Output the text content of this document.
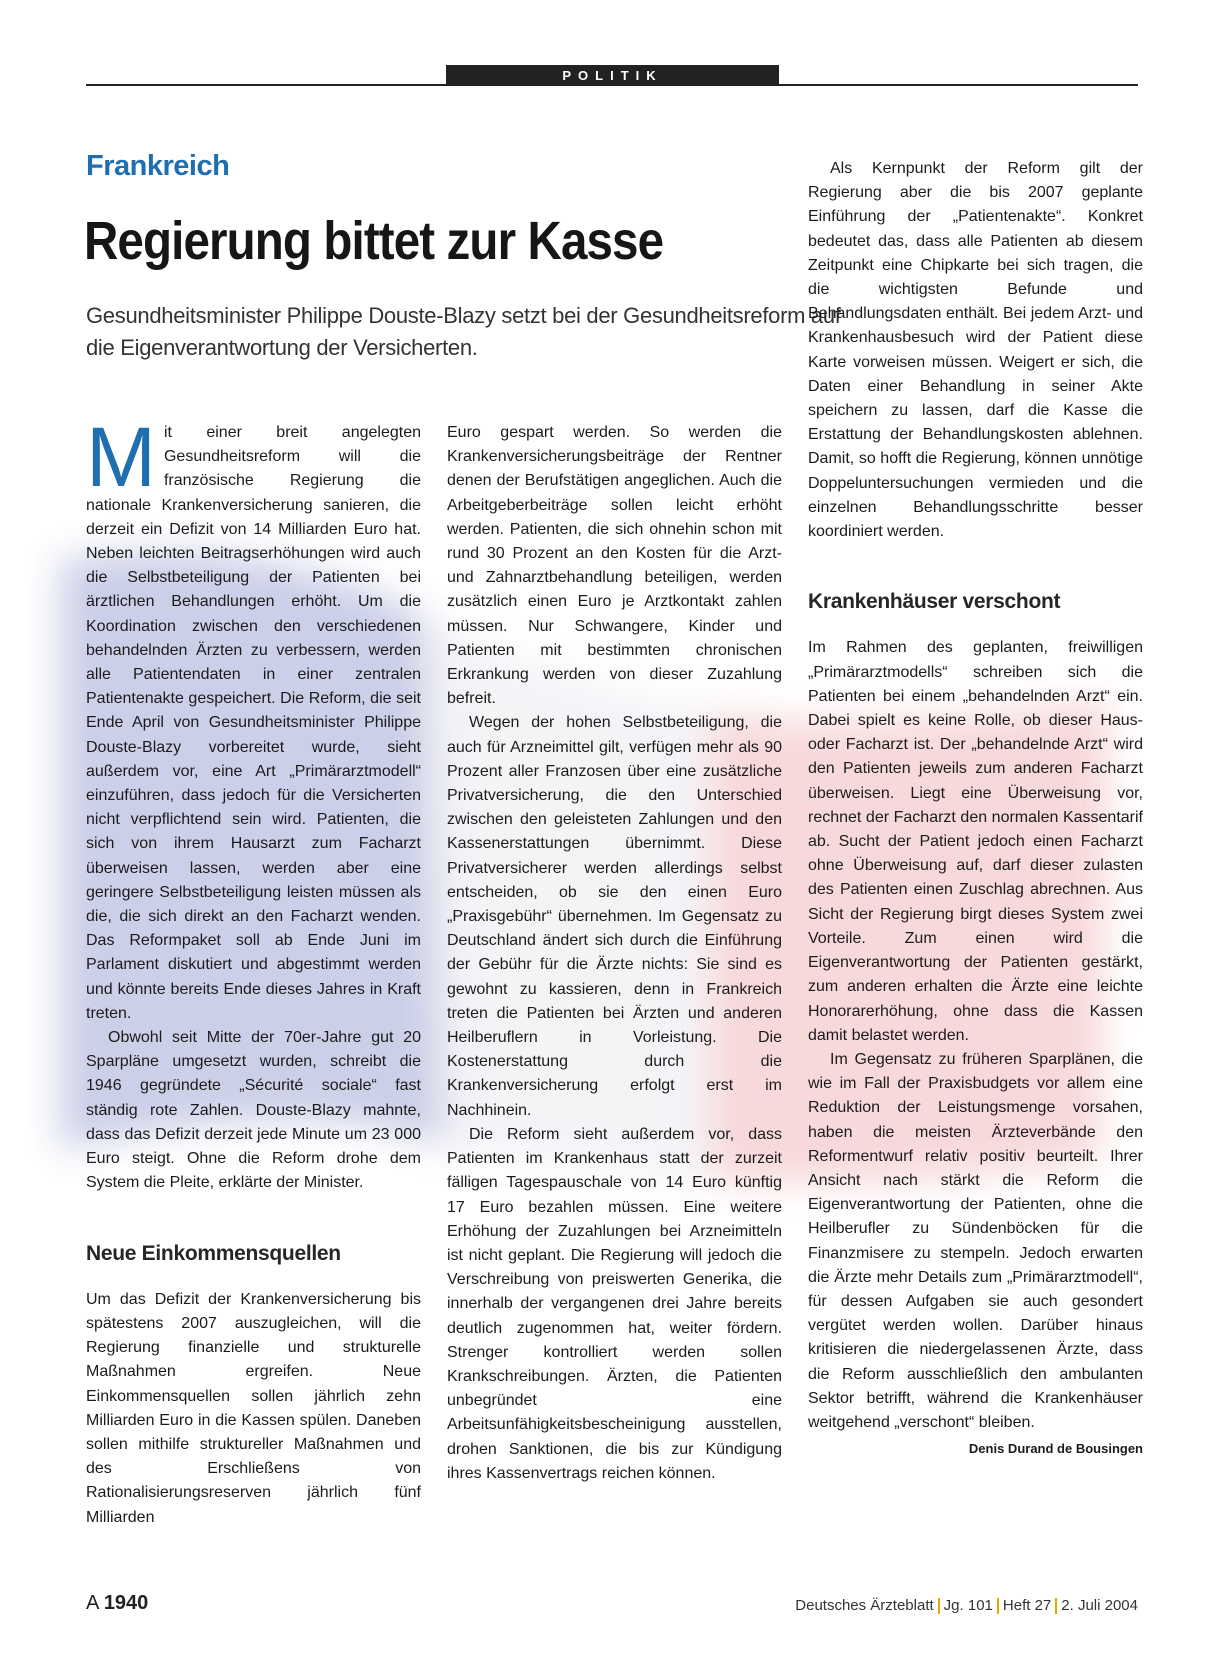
POLITIK
Frankreich
Regierung bittet zur Kasse

Gesundheitsminister Philippe Douste-Blazy setzt bei der Gesundheitsreform auf die Eigenverantwortung der Versicherten.

Mit einer breit angelegten Gesundheitsreform will die französische Regierung die nationale Krankenversicherung sanieren, die derzeit ein Defizit von 14 Milliarden Euro hat. Neben leichten Beitragserhöhungen wird auch die Selbstbeteiligung der Patienten bei ärztlichen Behandlungen erhöht. Um die Koordination zwischen den verschiedenen behandelnden Ärzten zu verbessern, werden alle Patientendaten in einer zentralen Patientenakte gespeichert. Die Reform, die seit Ende April von Gesundheitsminister Philippe Douste-Blazy vorbereitet wurde, sieht außerdem vor, eine Art „Primärarztmodell“ einzuführen, dass jedoch für die Versicherten nicht verpflichtend sein wird. Patienten, die sich von ihrem Hausarzt zum Facharzt überweisen lassen, werden aber eine geringere Selbstbeteiligung leisten müssen als die, die sich direkt an den Facharzt wenden. Das Reformpaket soll ab Ende Juni im Parlament diskutiert und abgestimmt werden und könnte bereits Ende dieses Jahres in Kraft treten.

Obwohl seit Mitte der 70er-Jahre gut 20 Sparpläne umgesetzt wurden, schreibt die 1946 gegründete „Sécurité sociale“ fast ständig rote Zahlen. Douste-Blazy mahnte, dass das Defizit derzeit jede Minute um 23 000 Euro steigt. Ohne die Reform drohe dem System die Pleite, erklärte der Minister.

Neue Einkommensquellen

Um das Defizit der Krankenversicherung bis spätestens 2007 auszugleichen, will die Regierung finanzielle und strukturelle Maßnahmen ergreifen. Neue Einkommensquellen sollen jährlich zehn Milliarden Euro in die Kassen spülen. Daneben sollen mithilfe struktureller Maßnahmen und des Erschließens von Rationalisierungsreserven jährlich fünf Milliarden

Euro gespart werden. So werden die Krankenversicherungsbeiträge der Rentner denen der Berufstätigen angeglichen. Auch die Arbeitgeberbeiträge sollen leicht erhöht werden. Patienten, die sich ohnehin schon mit rund 30 Prozent an den Kosten für die Arzt- und Zahnarztbehandlung beteiligen, werden zusätzlich einen Euro je Arztkontakt zahlen müssen. Nur Schwangere, Kinder und Patienten mit bestimmten chronischen Erkrankung werden von dieser Zuzahlung befreit.

Wegen der hohen Selbstbeteiligung, die auch für Arzneimittel gilt, verfügen mehr als 90 Prozent aller Franzosen über eine zusätzliche Privatversicherung, die den Unterschied zwischen den geleisteten Zahlungen und den Kassenerstattungen übernimmt. Diese Privatversicherer werden allerdings selbst entscheiden, ob sie den einen Euro „Praxisgebühr“ übernehmen. Im Gegensatz zu Deutschland ändert sich durch die Einführung der Gebühr für die Ärzte nichts: Sie sind es gewohnt zu kassieren, denn in Frankreich treten die Patienten bei Ärzten und anderen Heilberuflern in Vorleistung. Die Kostenerstattung durch die Krankenversicherung erfolgt erst im Nachhinein.

Die Reform sieht außerdem vor, dass Patienten im Krankenhaus statt der zurzeit fälligen Tagespauschale von 14 Euro künftig 17 Euro bezahlen müssen. Eine weitere Erhöhung der Zuzahlungen bei Arzneimitteln ist nicht geplant. Die Regierung will jedoch die Verschreibung von preiswerten Generika, die innerhalb der vergangenen drei Jahre bereits deutlich zugenommen hat, weiter fördern. Strenger kontrolliert werden sollen Krankschreibungen. Ärzten, die Patienten unbegründet eine Arbeitsunfähigkeitsbescheinigung ausstellen, drohen Sanktionen, die bis zur Kündigung ihres Kassenvertrags reichen können.

Als Kernpunkt der Reform gilt der Regierung aber die bis 2007 geplante Einführung der „Patientenakte“. Konkret bedeutet das, dass alle Patienten ab diesem Zeitpunkt eine Chipkarte bei sich tragen, die die wichtigsten Befunde und Behandlungsdaten enthält. Bei jedem Arzt- und Krankenhausbesuch wird der Patient diese Karte vorweisen müssen. Weigert er sich, die Daten einer Behandlung in seiner Akte speichern zu lassen, darf die Kasse die Erstattung der Behandlungskosten ablehnen. Damit, so hofft die Regierung, können unnötige Doppeluntersuchungen vermieden und die einzelnen Behandlungsschritte besser koordiniert werden.

Krankenhäuser verschont

Im Rahmen des geplanten, freiwilligen „Primärarztmodells“ schreiben sich die Patienten bei einem „behandelnden Arzt“ ein. Dabei spielt es keine Rolle, ob dieser Haus- oder Facharzt ist. Der „behandelnde Arzt“ wird den Patienten jeweils zum anderen Facharzt überweisen. Liegt eine Überweisung vor, rechnet der Facharzt den normalen Kassentarif ab. Sucht der Patient jedoch einen Facharzt ohne Überweisung auf, darf dieser zulasten des Patienten einen Zuschlag abrechnen. Aus Sicht der Regierung birgt dieses System zwei Vorteile. Zum einen wird die Eigenverantwortung der Patienten gestärkt, zum anderen erhalten die Ärzte eine leichte Honorarerhöhung, ohne dass die Kassen damit belastet werden.

Im Gegensatz zu früheren Sparplänen, die wie im Fall der Praxisbudgets vor allem eine Reduktion der Leistungsmenge vorsahen, haben die meisten Ärzteverbände den Reformentwurf relativ positiv beurteilt. Ihrer Ansicht nach stärkt die Reform die Eigenverantwortung der Patienten, ohne die Heilberufler zu Sündenböcken für die Finanzmisere zu stempeln. Jedoch erwarten die Ärzte mehr Details zum „Primärarztmodell“, für dessen Aufgaben sie auch gesondert vergütet werden wollen. Darüber hinaus kritisieren die niedergelassenen Ärzte, dass die Reform ausschließlich den ambulanten Sektor betrifft, während die Krankenhäuser weitgehend „verschont“ bleiben.
Denis Durand de Bousingen

A 1940	Deutsches Ärzteblatt Jg. 101 Heft 27 2. Juli 2004
